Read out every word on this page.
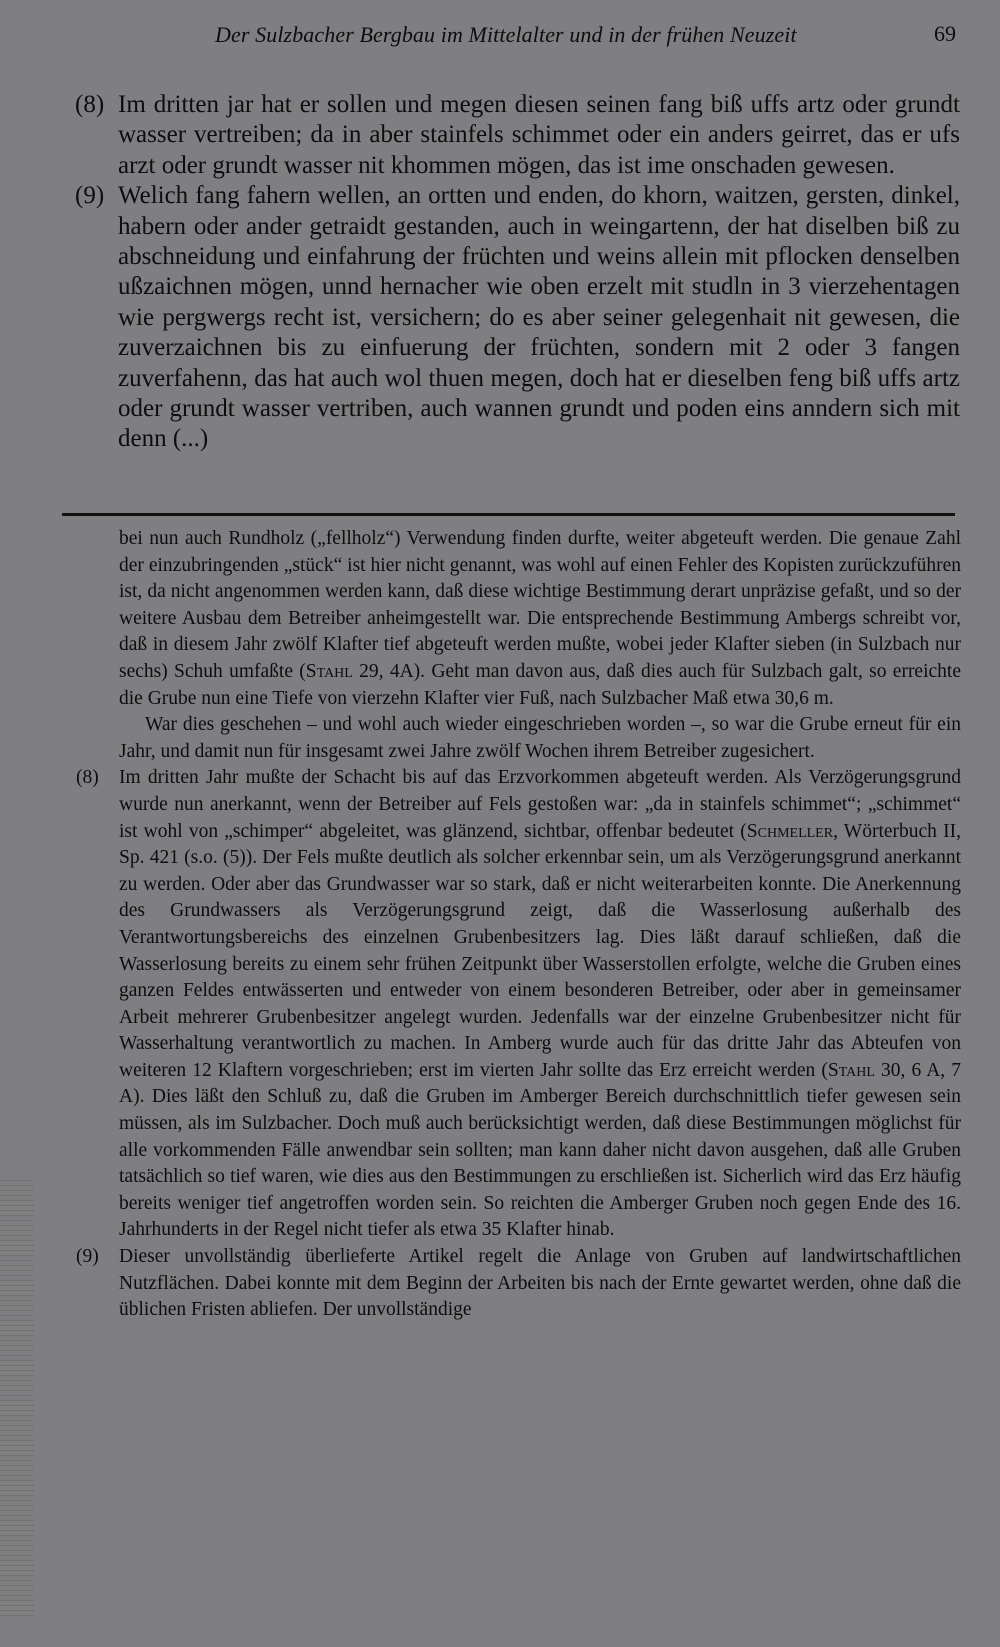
Der Sulzbacher Bergbau im Mittelalter und in der frühen Neuzeit	69
(8) Im dritten jar hat er sollen und megen diesen seinen fang biß uffs artz oder grundt wasser vertreiben; da in aber stainfels schimmet oder ein anders geirret, das er ufs arzt oder grundt wasser nit khommen mögen, das ist ime onschaden gewesen.
(9) Welich fang fahern wellen, an ortten und enden, do khorn, waitzen, gersten, dinkel, habern oder ander getraidt gestanden, auch in weingartenn, der hat diselben biß zu abschneidung und einfahrung der früchten und weins allein mit pflocken denselben ußzaichnen mögen, unnd hernacher wie oben erzelt mit studln in 3 vierzehentagen wie pergwergs recht ist, versichern; do es aber seiner gelegenhait nit gewesen, die zuverzaichnen bis zu einfuerung der früchten, sondern mit 2 oder 3 fangen zuverfahenn, das hat auch wol thuen megen, doch hat er dieselben feng biß uffs artz oder grundt wasser vertriben, auch wannen grundt und poden eins anndern sich mit denn (...)
bei nun auch Rundholz („fellholz“) Verwendung finden durfte, weiter abgeteuft werden. Die genaue Zahl der einzubringenden „stück“ ist hier nicht genannt, was wohl auf einen Fehler des Kopisten zurückzuführen ist, da nicht angenommen werden kann, daß diese wichtige Bestimmung derart unpräzise gefaßt, und so der weitere Ausbau dem Betreiber anheimgestellt war. Die entsprechende Bestimmung Ambergs schreibt vor, daß in diesem Jahr zwölf Klafter tief abgeteuft werden mußte, wobei jeder Klafter sieben (in Sulzbach nur sechs) Schuh umfaßte (Stahl 29, 4A). Geht man davon aus, daß dies auch für Sulzbach galt, so erreichte die Grube nun eine Tiefe von vierzehn Klafter vier Fuß, nach Sulzbacher Maß etwa 30,6 m.
War dies geschehen – und wohl auch wieder eingeschrieben worden –, so war die Grube erneut für ein Jahr, und damit nun für insgesamt zwei Jahre zwölf Wochen ihrem Betreiber zugesichert.
(8) Im dritten Jahr mußte der Schacht bis auf das Erzvorkommen abgeteuft werden. Als Verzögerungsgrund wurde nun anerkannt, wenn der Betreiber auf Fels gestoßen war: „da in stainfels schimmet“; „schimmet“ ist wohl von „schimper“ abgeleitet, was glänzend, sichtbar, offenbar bedeutet (Schmeller, Wörterbuch II, Sp. 421 (s.o. (5)). Der Fels mußte deutlich als solcher erkennbar sein, um als Verzögerungsgrund anerkannt zu werden. Oder aber das Grundwasser war so stark, daß er nicht weiterarbeiten konnte. Die Anerkennung des Grundwassers als Verzögerungsgrund zeigt, daß die Wasserlosung außerhalb des Verantwortungsbereichs des einzelnen Grubenbesitzers lag. Dies läßt darauf schließen, daß die Wasserlosung bereits zu einem sehr frühen Zeitpunkt über Wasserstollen erfolgte, welche die Gruben eines ganzen Feldes entwässerten und entweder von einem besonderen Betreiber, oder aber in gemeinsamer Arbeit mehrerer Grubenbesitzer angelegt wurden. Jedenfalls war der einzelne Grubenbesitzer nicht für Wasserhaltung verantwortlich zu machen. In Amberg wurde auch für das dritte Jahr das Abteufen von weiteren 12 Klaftern vorgeschrieben; erst im vierten Jahr sollte das Erz erreicht werden (Stahl 30, 6 A, 7 A). Dies läßt den Schluß zu, daß die Gruben im Amberger Bereich durchschnittlich tiefer gewesen sein müssen, als im Sulzbacher. Doch muß auch berücksichtigt werden, daß diese Bestimmungen möglichst für alle vorkommenden Fälle anwendbar sein sollten; man kann daher nicht davon ausgehen, daß alle Gruben tatsächlich so tief waren, wie dies aus den Bestimmungen zu erschließen ist. Sicherlich wird das Erz häufig bereits weniger tief angetroffen worden sein. So reichten die Amberger Gruben noch gegen Ende des 16. Jahrhunderts in der Regel nicht tiefer als etwa 35 Klafter hinab.
(9) Dieser unvollständig überlieferte Artikel regelt die Anlage von Gruben auf landwirtschaftlichen Nutzflächen. Dabei konnte mit dem Beginn der Arbeiten bis nach der Ernte gewartet werden, ohne daß die üblichen Fristen abliefen. Der unvollständige
